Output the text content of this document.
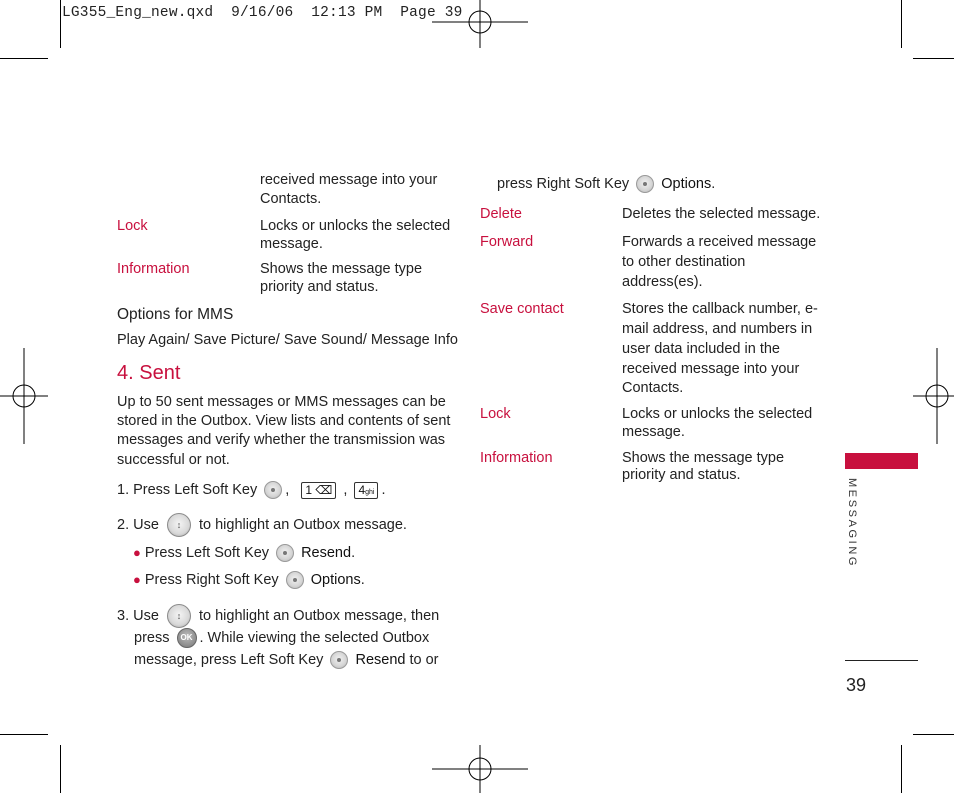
LG355_Eng_new.qxd  9/16/06  12:13 PM  Page 39
received message into your
Contacts.
Lock	Locks or unlocks the selected
message.
Information	Shows the message type
priority and status.
Options for MMS
Play Again/ Save Picture/ Save Sound/ Message Info
4. Sent
Up to 50 sent messages or MMS messages can be
stored in the Outbox. View lists and contents of sent
messages and verify whether the transmission was
successful or not.
1. Press Left Soft Key , 1 ⌫ , 4ghi .
2. Use ↕ to highlight an Outbox message.
● Press Left Soft Key Resend.
● Press Right Soft Key Options.
3. Use ↕ to highlight an Outbox message, then
press OK . While viewing the selected Outbox
message, press Left Soft Key Resend to or
press Right Soft Key Options.
Delete	Deletes the selected message.
Forward	Forwards a received message
to other destination
address(es).
Save contact	Stores the callback number, e-
mail address, and numbers in
user data included in the
received message into your
Contacts.
Lock	Locks or unlocks the selected
message.
Information	Shows the message type
priority and status.
MESSAGING
39
